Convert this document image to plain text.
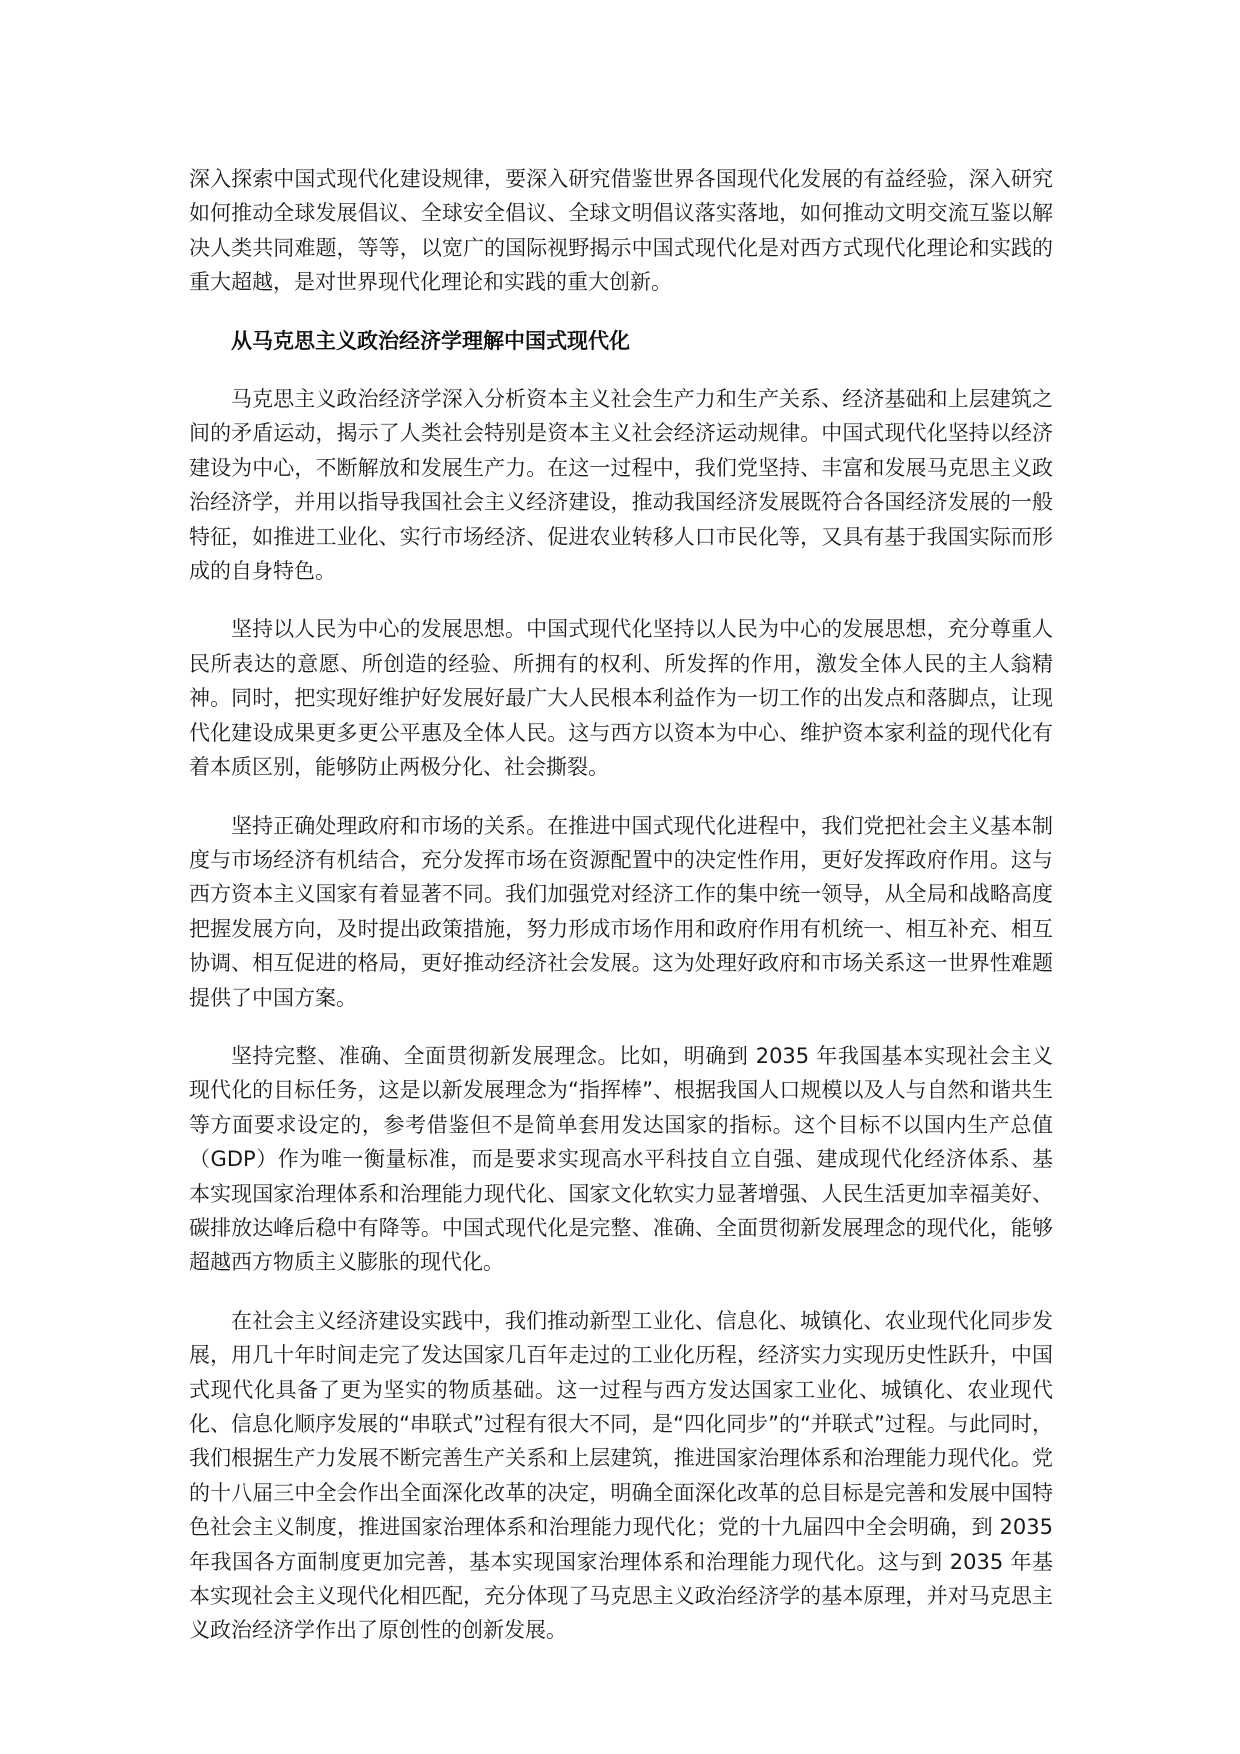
深入探索中国式现代化建设规律，要深入研究借鉴世界各国现代化发展的有益经验，深入研究如何推动全球发展倡议、全球安全倡议、全球文明倡议落实落地，如何推动文明交流互鉴以解决人类共同难题，等等，以宽广的国际视野揭示中国式现代化是对西方式现代化理论和实践的重大超越，是对世界现代化理论和实践的重大创新。

从马克思主义政治经济学理解中国式现代化

马克思主义政治经济学深入分析资本主义社会生产力和生产关系、经济基础和上层建筑之间的矛盾运动，揭示了人类社会特别是资本主义社会经济运动规律。中国式现代化坚持以经济建设为中心，不断解放和发展生产力。在这一过程中，我们党坚持、丰富和发展马克思主义政治经济学，并用以指导我国社会主义经济建设，推动我国经济发展既符合各国经济发展的一般特征，如推进工业化、实行市场经济、促进农业转移人口市民化等，又具有基于我国实际而形成的自身特色。

坚持以人民为中心的发展思想。中国式现代化坚持以人民为中心的发展思想，充分尊重人民所表达的意愿、所创造的经验、所拥有的权利、所发挥的作用，激发全体人民的主人翁精神。同时，把实现好维护好发展好最广大人民根本利益作为一切工作的出发点和落脚点，让现代化建设成果更多更公平惠及全体人民。这与西方以资本为中心、维护资本家利益的现代化有着本质区别，能够防止两极分化、社会撕裂。

坚持正确处理政府和市场的关系。在推进中国式现代化进程中，我们党把社会主义基本制度与市场经济有机结合，充分发挥市场在资源配置中的决定性作用，更好发挥政府作用。这与西方资本主义国家有着显著不同。我们加强党对经济工作的集中统一领导，从全局和战略高度把握发展方向，及时提出政策措施，努力形成市场作用和政府作用有机统一、相互补充、相互协调、相互促进的格局，更好推动经济社会发展。这为处理好政府和市场关系这一世界性难题提供了中国方案。

坚持完整、准确、全面贯彻新发展理念。比如，明确到 2035 年我国基本实现社会主义现代化的目标任务，这是以新发展理念为“指挥棒”、根据我国人口规模以及人与自然和谐共生等方面要求设定的，参考借鉴但不是简单套用发达国家的指标。这个目标不以国内生产总值（GDP）作为唯一衡量标准，而是要求实现高水平科技自立自强、建成现代化经济体系、基本实现国家治理体系和治理能力现代化、国家文化软实力显著增强、人民生活更加幸福美好、碳排放达峰后稳中有降等。中国式现代化是完整、准确、全面贯彻新发展理念的现代化，能够超越西方物质主义膨胀的现代化。

在社会主义经济建设实践中，我们推动新型工业化、信息化、城镇化、农业现代化同步发展，用几十年时间走完了发达国家几百年走过的工业化历程，经济实力实现历史性跃升，中国式现代化具备了更为坚实的物质基础。这一过程与西方发达国家工业化、城镇化、农业现代化、信息化顺序发展的“串联式”过程有很大不同，是“四化同步”的“并联式”过程。与此同时，我们根据生产力发展不断完善生产关系和上层建筑，推进国家治理体系和治理能力现代化。党的十八届三中全会作出全面深化改革的决定，明确全面深化改革的总目标是完善和发展中国特色社会主义制度，推进国家治理体系和治理能力现代化；党的十九届四中全会明确，到 2035 年我国各方面制度更加完善，基本实现国家治理体系和治理能力现代化。这与到 2035 年基本实现社会主义现代化相匹配，充分体现了马克思主义政治经济学的基本原理，并对马克思主义政治经济学作出了原创性的创新发展。
